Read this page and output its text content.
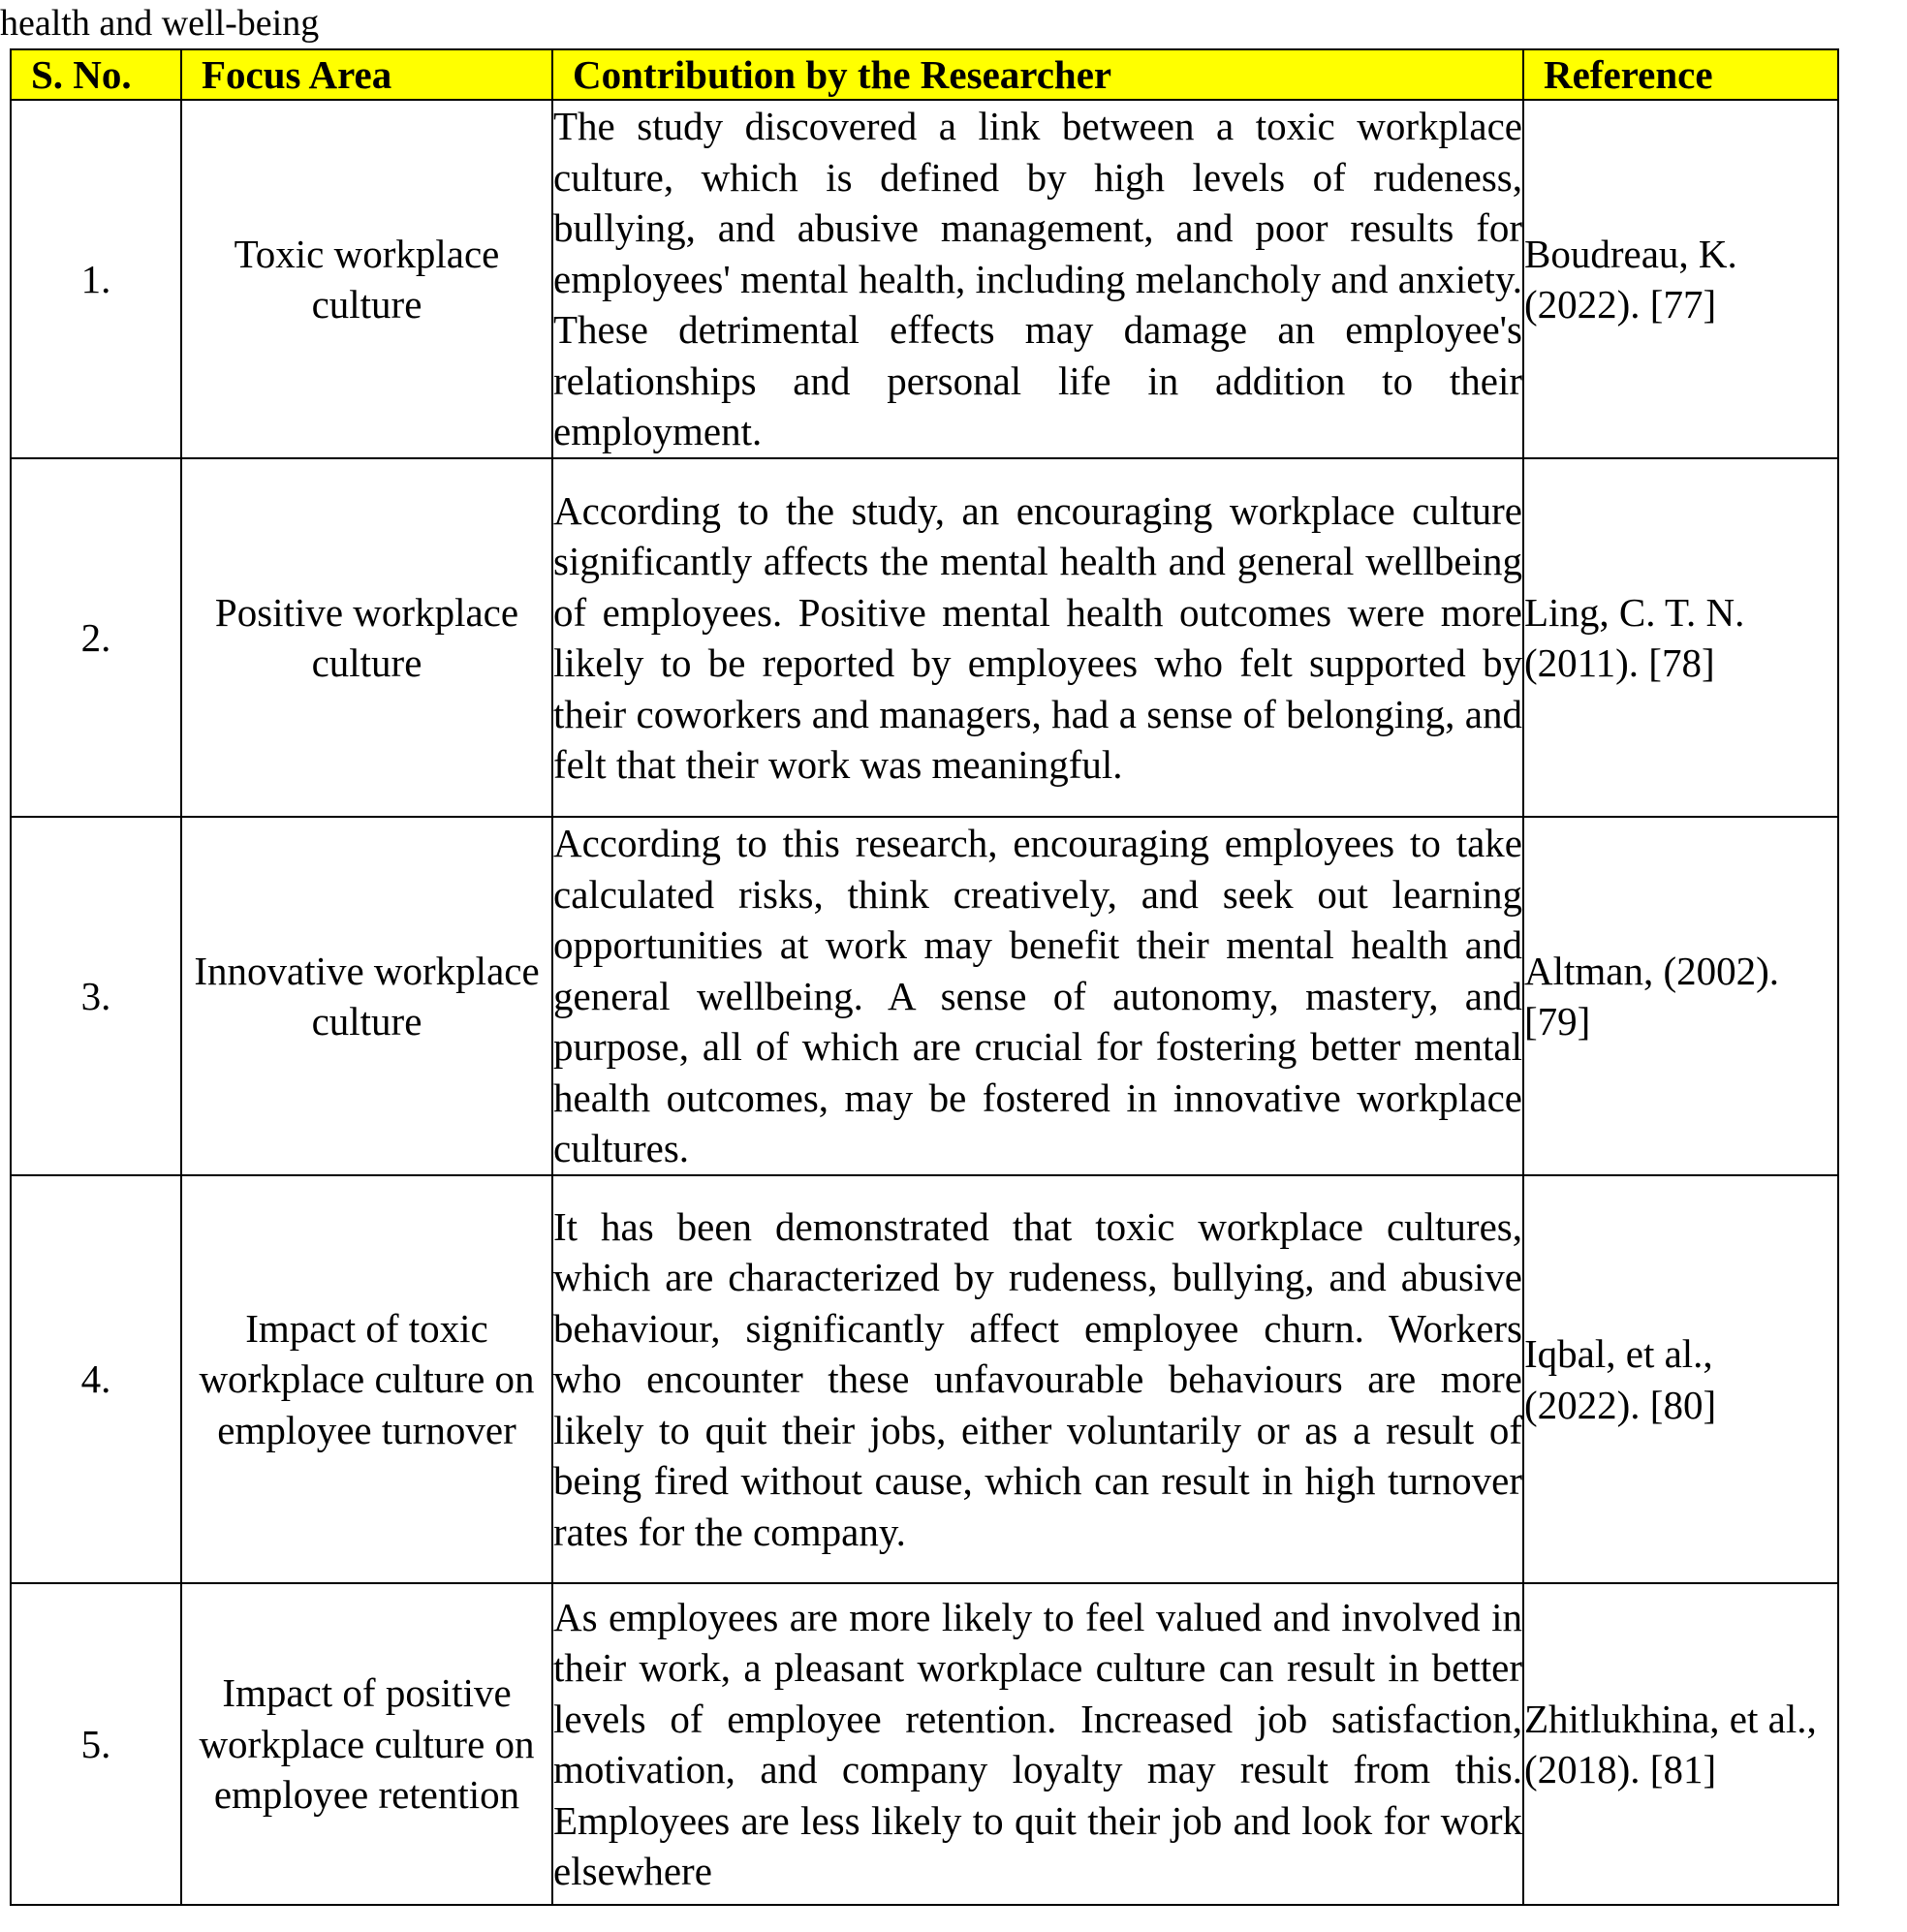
health and well-being
S. No.	Focus Area	Contribution by the Researcher	Reference
1.	Toxic workplace culture	The study discovered a link between a toxic workplace culture, which is defined by high levels of rudeness, bullying, and abusive management, and poor results for employees' mental health, including melancholy and anxiety. These detrimental effects may damage an employee's relationships and personal life in addition to their employment.	Boudreau, K. (2022). [77]
2.	Positive workplace culture	According to the study, an encouraging workplace culture significantly affects the mental health and general wellbeing of employees. Positive mental health outcomes were more likely to be reported by employees who felt supported by their coworkers and managers, had a sense of belonging, and felt that their work was meaningful.	Ling, C. T. N. (2011). [78]
3.	Innovative workplace culture	According to this research, encouraging employees to take calculated risks, think creatively, and seek out learning opportunities at work may benefit their mental health and general wellbeing. A sense of autonomy, mastery, and purpose, all of which are crucial for fostering better mental health outcomes, may be fostered in innovative workplace cultures.	Altman, (2002). [79]
4.	Impact of toxic workplace culture on employee turnover	It has been demonstrated that toxic workplace cultures, which are characterized by rudeness, bullying, and abusive behaviour, significantly affect employee churn. Workers who encounter these unfavourable behaviours are more likely to quit their jobs, either voluntarily or as a result of being fired without cause, which can result in high turnover rates for the company.	Iqbal, et al., (2022). [80]
5.	Impact of positive workplace culture on employee retention	As employees are more likely to feel valued and involved in their work, a pleasant workplace culture can result in better levels of employee retention. Increased job satisfaction, motivation, and company loyalty may result from this. Employees are less likely to quit their job and look for work elsewhere	Zhitlukhina, et al., (2018). [81]
